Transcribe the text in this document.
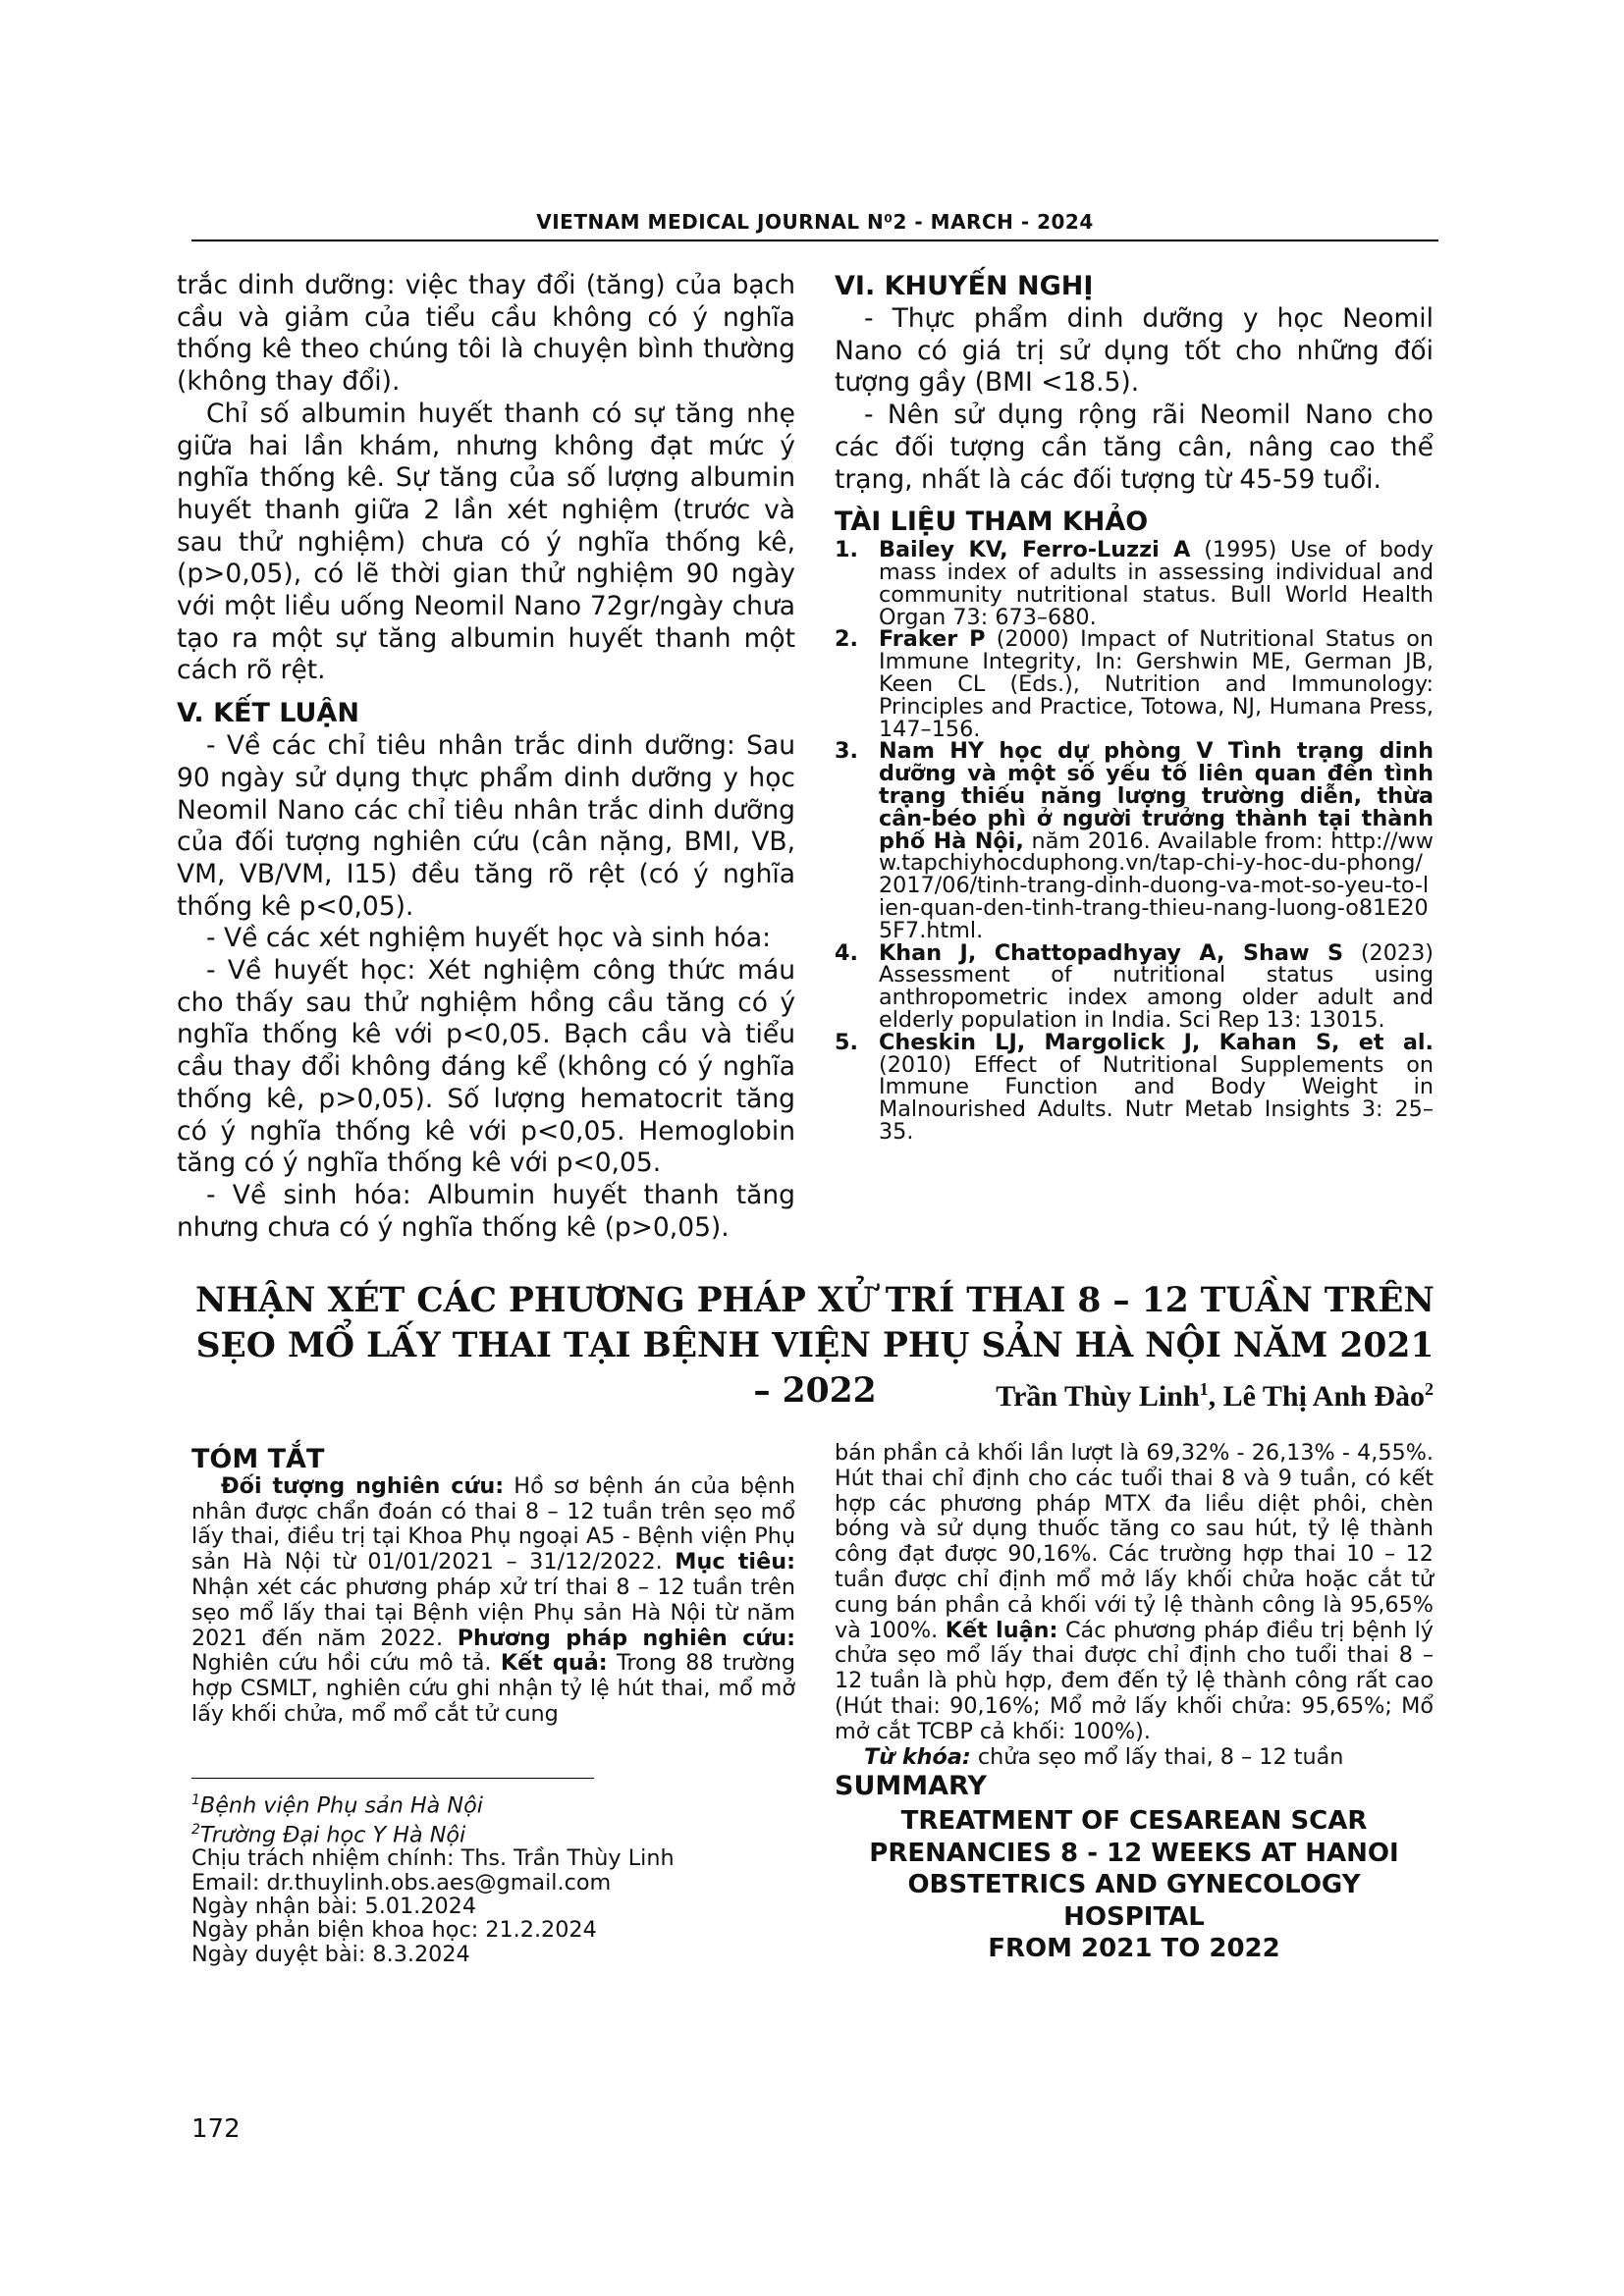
VIETNAM MEDICAL JOURNAL N⁰2 - MARCH - 2024

trắc dinh dưỡng: việc thay đổi (tăng) của bạch cầu và giảm của tiểu cầu không có ý nghĩa thống kê theo chúng tôi là chuyện bình thường (không thay đổi).

Chỉ số albumin huyết thanh có sự tăng nhẹ giữa hai lần khám, nhưng không đạt mức ý nghĩa thống kê. Sự tăng của số lượng albumin huyết thanh giữa 2 lần xét nghiệm (trước và sau thử nghiệm) chưa có ý nghĩa thống kê, (p>0,05), có lẽ thời gian thử nghiệm 90 ngày với một liều uống Neomil Nano 72gr/ngày chưa tạo ra một sự tăng albumin huyết thanh một cách rõ rệt.

V. KẾT LUẬN

- Về các chỉ tiêu nhân trắc dinh dưỡng: Sau 90 ngày sử dụng thực phẩm dinh dưỡng y học Neomil Nano các chỉ tiêu nhân trắc dinh dưỡng của đối tượng nghiên cứu (cân nặng, BMI, VB, VM, VB/VM, I15) đều tăng rõ rệt (có ý nghĩa thống kê p<0,05).

- Về các xét nghiệm huyết học và sinh hóa:

- Về huyết học: Xét nghiệm công thức máu cho thấy sau thử nghiệm hồng cầu tăng có ý nghĩa thống kê với p<0,05. Bạch cầu và tiểu cầu thay đổi không đáng kể (không có ý nghĩa thống kê, p>0,05). Số lượng hematocrit tăng có ý nghĩa thống kê với p<0,05. Hemoglobin tăng có ý nghĩa thống kê với p<0,05.

- Về sinh hóa: Albumin huyết thanh tăng nhưng chưa có ý nghĩa thống kê (p>0,05).

VI. KHUYẾN NGHỊ

- Thực phẩm dinh dưỡng y học Neomil Nano có giá trị sử dụng tốt cho những đối tượng gầy (BMI <18.5).

- Nên sử dụng rộng rãi Neomil Nano cho các đối tượng cần tăng cân, nâng cao thể trạng, nhất là các đối tượng từ 45-59 tuổi.

TÀI LIỆU THAM KHẢO
1. Bailey KV, Ferro-Luzzi A (1995) Use of body mass index of adults in assessing individual and community nutritional status. Bull World Health Organ 73: 673–680.
2. Fraker P (2000) Impact of Nutritional Status on Immune Integrity, In: Gershwin ME, German JB, Keen CL (Eds.), Nutrition and Immunology: Principles and Practice, Totowa, NJ, Humana Press, 147–156.
3. Nam HY học dự phòng V Tình trạng dinh dưỡng và một số yếu tố liên quan đến tình trạng thiếu năng lượng trường diễn, thừa cân-béo phì ở người trưởng thành tại thành phố Hà Nội, năm 2016. Available from: http://www.tapchiyhocduphong.vn/tap-chi-y-hoc-du-phong/2017/06/tinh-trang-dinh-duong-va-mot-so-yeu-to-lien-quan-den-tinh-trang-thieu-nang-luong-o81E205F7.html.
4. Khan J, Chattopadhyay A, Shaw S (2023) Assessment of nutritional status using anthropometric index among older adult and elderly population in India. Sci Rep 13: 13015.
5. Cheskin LJ, Margolick J, Kahan S, et al. (2010) Effect of Nutritional Supplements on Immune Function and Body Weight in Malnourished Adults. Nutr Metab Insights 3: 25–35.
NHẬN XÉT CÁC PHƯƠNG PHÁP XỬ TRÍ THAI 8 – 12 TUẦN TRÊN
SẸO MỔ LẤY THAI TẠI BỆNH VIỆN PHỤ SẢN HÀ NỘI NĂM 2021 – 2022	Trần Thùy Linh$^1$, Lê Thị Anh Đào$^2$
TÓM TẮT

Đối tượng nghiên cứu: Hồ sơ bệnh án của bệnh nhân được chẩn đoán có thai 8 – 12 tuần trên sẹo mổ lấy thai, điều trị tại Khoa Phụ ngoại A5 - Bệnh viện Phụ sản Hà Nội từ 01/01/2021 – 31/12/2022. Mục tiêu: Nhận xét các phương pháp xử trí thai 8 – 12 tuần trên sẹo mổ lấy thai tại Bệnh viện Phụ sản Hà Nội từ năm 2021 đến năm 2022. Phương pháp nghiên cứu: Nghiên cứu hồi cứu mô tả. Kết quả: Trong 88 trường hợp CSMLT, nghiên cứu ghi nhận tỷ lệ hút thai, mổ mở lấy khối chửa, mổ mổ cắt tử cung

$^1$Bệnh viện Phụ sản Hà Nội
$^2$Trường Đại học Y Hà Nội
Chịu trách nhiệm chính: Ths. Trần Thùy Linh
Email: dr.thuylinh.obs.aes@gmail.com
Ngày nhận bài: 5.01.2024
Ngày phản biện khoa học: 21.2.2024
Ngày duyệt bài: 8.3.2024

bán phần cả khối lần lượt là 69,32% - 26,13% - 4,55%. Hút thai chỉ định cho các tuổi thai 8 và 9 tuần, có kết hợp các phương pháp MTX đa liều diệt phôi, chèn bóng và sử dụng thuốc tăng co sau hút, tỷ lệ thành công đạt được 90,16%. Các trường hợp thai 10 – 12 tuần được chỉ định mổ mở lấy khối chửa hoặc cắt tử cung bán phần cả khối với tỷ lệ thành công là 95,65% và 100%. Kết luận: Các phương pháp điều trị bệnh lý chửa sẹo mổ lấy thai được chỉ định cho tuổi thai 8 – 12 tuần là phù hợp, đem đến tỷ lệ thành công rất cao (Hút thai: 90,16%; Mổ mở lấy khối chửa: 95,65%; Mổ mở cắt TCBP cả khối: 100%).

Từ khóa: chửa sẹo mổ lấy thai, 8 – 12 tuần

SUMMARY
TREATMENT OF CESAREAN SCAR
PRENANCIES 8 - 12 WEEKS AT HANOI
OBSTETRICS AND GYNECOLOGY HOSPITAL
FROM 2021 TO 2022
172
